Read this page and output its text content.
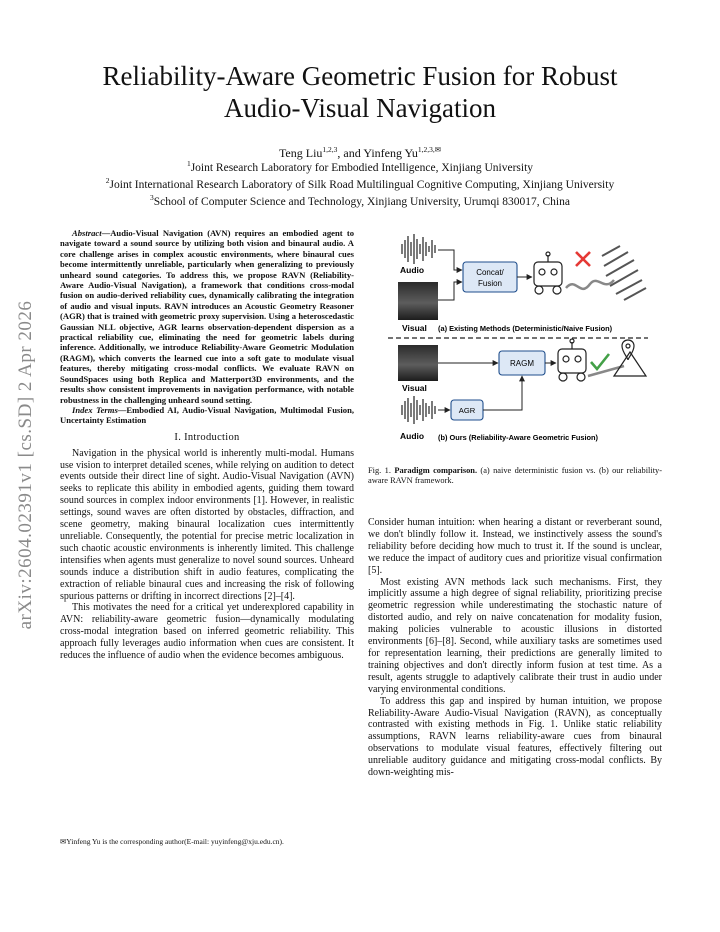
arXiv:2604.02391v1 [cs.SD] 2 Apr 2026
Reliability-Aware Geometric Fusion for Robust
Audio-Visual Navigation
Teng Liu$^{1,2,3}$, and Yinfeng $Yu^{1,2,3,✉}$
$^1$Joint Research Laboratory for Embodied Intelligence, Xinjiang University
$^2$Joint International Research Laboratory of Silk Road Multilingual Cognitive Computing, Xinjiang University
$^3$School of Computer Science and Technology, Xinjiang University, Urumqi 830017, China

Abstract—Audio-Visual Navigation (AVN) requires an embodied agent to navigate toward a sound source by utilizing both vision and binaural audio. A core challenge arises in complex acoustic environments, where binaural cues become intermittently unreliable, particularly when generalizing to previously unheard sound categories. To address this, we propose RAVN (Reliability-Aware Audio-Visual Navigation), a framework that conditions cross-modal fusion on audio-derived reliability cues, dynamically calibrating the integration of audio and visual inputs. RAVN introduces an Acoustic Geometry Reasoner (AGR) that is trained with geometric proxy supervision. Using a heteroscedastic Gaussian NLL objective, AGR learns observation-dependent dispersion as a practical reliability cue, eliminating the need for geometric labels during inference. Additionally, we introduce Reliability-Aware Geometric Modulation (RAGM), which converts the learned cue into a soft gate to modulate visual features, thereby mitigating cross-modal conflicts. We evaluate RAVN on SoundSpaces using both Replica and Matterport3D environments, and the results show consistent improvements in navigation performance, with notable robustness in the challenging unheard sound setting.

Index Terms—Embodied AI, Audio-Visual Navigation, Multimodal Fusion, Uncertainty Estimation

I. Introduction

Navigation in the physical world is inherently multi-modal. Humans use vision to interpret detailed scenes, while relying on audition to detect events outside their direct line of sight. Audio-Visual Navigation (AVN) seeks to replicate this ability in embodied agents, guiding them toward sound sources in complex indoor environments [1]. However, in realistic settings, sound waves are often distorted by obstacles, diffraction, and scene geometry, making binaural localization cues intermittently unreliable. Consequently, the potential for precise metric localization in such chaotic acoustic environments is inherently limited. This challenge intensifies when agents must generalize to novel sound sources. Unheard sounds induce a distribution shift in audio features, complicating the extraction of reliable binaural cues and increasing the risk of following spurious patterns or drifting in incorrect directions [2]–[4].

This motivates the need for a critical yet underexplored capability in AVN: reliability-aware geometric fusion—dynamically modulating cross-modal integration based on inferred geometric reliability. This approach fully leverages audio information when cues are consistent. It reduces the influence of audio when the evidence becomes ambiguous.

✉Yinfeng Yu is the corresponding author(E-mail: yuyinfeng@xju.edu.cn).
Audio
Visual
Concat/
Fusion
(a) Existing Methods (Deterministic/Naive Fusion)
Visual
RAGM
Audio
AGR
(b) Ours (Reliability-Aware Geometric Fusion)
Fig. 1. Paradigm comparison. (a) naive deterministic fusion vs. (b) our reliability-aware RAVN framework.

Consider human intuition: when hearing a distant or reverberant sound, we don't blindly follow it. Instead, we instinctively assess the sound's reliability before deciding how much to trust it. If the sound is unclear, we reduce the impact of auditory cues and prioritize visual confirmation [5].

Most existing AVN methods lack such mechanisms. First, they implicitly assume a high degree of signal reliability, prioritizing precise geometric regression while underestimating the stochastic nature of distorted audio, and rely on naive concatenation for modality fusion, making policies vulnerable to acoustic illusions in distorted environments [6]–[8]. Second, while auxiliary tasks are sometimes used for representation learning, their predictions are generally limited to training objectives and don't directly inform fusion at test time. As a result, agents struggle to adaptively calibrate their trust in audio under varying environmental conditions.

To address this gap and inspired by human intuition, we propose Reliability-Aware Audio-Visual Navigation (RAVN), as conceptually contrasted with existing methods in Fig. 1. Unlike static reliability assumptions, RAVN learns reliability-aware cues from binaural observations to modulate visual features, effectively filtering out unreliable auditory guidance and mitigating cross-modal conflicts. By down-weighting mis-
